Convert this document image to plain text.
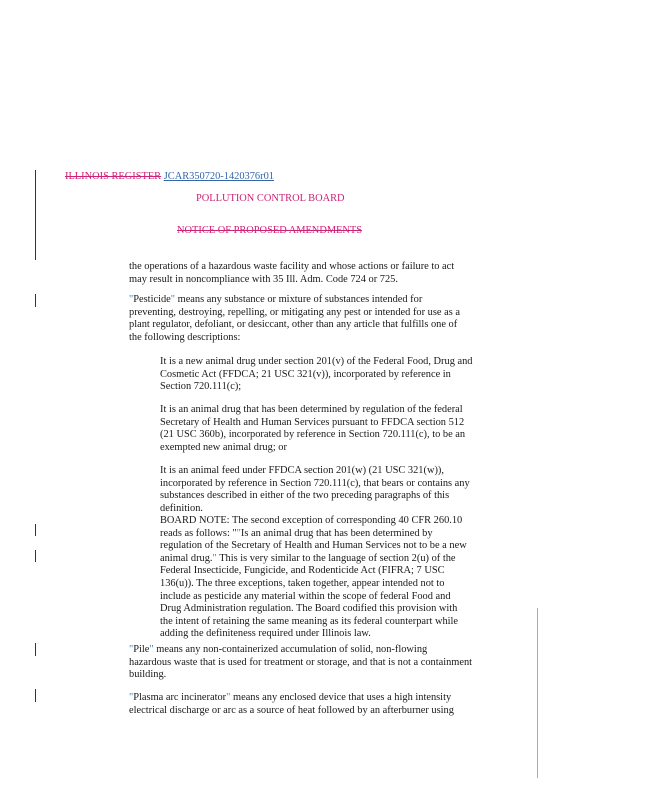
ILLINOIS REGISTER JCAR350720-1420376r01
POLLUTION CONTROL BOARD
NOTICE OF PROPOSED AMENDMENTS
the operations of a hazardous waste facility and whose actions or failure to act
may result in noncompliance with 35 Ill. Adm. Code 724 or 725.
"Pesticide" means any substance or mixture of substances intended for
preventing, destroying, repelling, or mitigating any pest or intended for use as a
plant regulator, defoliant, or desiccant, other than any article that fulfills one of
the following descriptions:
It is a new animal drug under section 201(v) of the Federal Food, Drug and
Cosmetic Act (FFDCA; 21 USC 321(v)), incorporated by reference in
Section 720.111(c);
It is an animal drug that has been determined by regulation of the federal
Secretary of Health and Human Services pursuant to FFDCA section 512
(21 USC 360b), incorporated by reference in Section 720.111(c), to be an
exempted new animal drug; or
It is an animal feed under FFDCA section 201(w) (21 USC 321(w)),
incorporated by reference in Section 720.111(c), that bears or contains any
substances described in either of the two preceding paragraphs of this
definition.
BOARD NOTE: The second exception of corresponding 40 CFR 260.10
reads as follows: ""Is an animal drug that has been determined by
regulation of the Secretary of Health and Human Services not to be a new
animal drug." This is very similar to the language of section 2(u) of the
Federal Insecticide, Fungicide, and Rodenticide Act (FIFRA; 7 USC
136(u)). The three exceptions, taken together, appear intended not to
include as pesticide any material within the scope of federal Food and
Drug Administration regulation. The Board codified this provision with
the intent of retaining the same meaning as its federal counterpart while
adding the definiteness required under Illinois law.
"Pile" means any non-containerized accumulation of solid, non-flowing
hazardous waste that is used for treatment or storage, and that is not a containment
building.
"Plasma arc incinerator" means any enclosed device that uses a high intensity
electrical discharge or arc as a source of heat followed by an afterburner using
